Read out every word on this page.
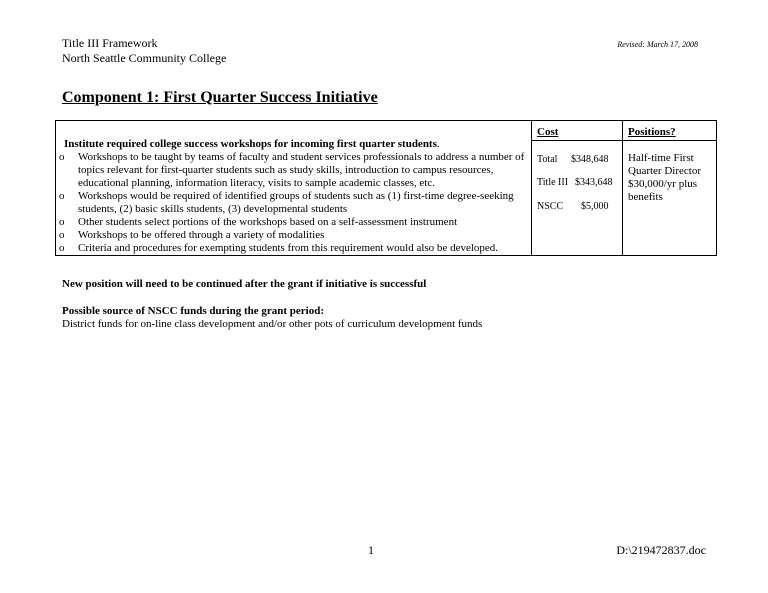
Title III Framework
North Seattle Community College
Revised: March 17, 2008
Component 1: First Quarter Success Initiative
Institute required college success workshops for incoming first quarter students.
o Workshops to be taught by teams of faculty and student services professionals to address a number of topics relevant for first-quarter students such as study skills, introduction to campus resources, educational planning, information literacy, visits to sample academic classes, etc.
o Workshops would be required of identified groups of students such as (1) first-time degree-seeking students, (2) basic skills students, (3) developmental students
o Other students select portions of the workshops based on a self-assessment instrument
o Workshops to be offered through a variety of modalities
o Criteria and procedures for exempting students from this requirement would also be developed.
Cost
Total $348,648
Title III $343,648
NSCC $5,000
Positions?
Half-time First Quarter Director $30,000/yr plus benefits
New position will need to be continued after the grant if initiative is successful
Possible source of NSCC funds during the grant period:
District funds for on-line class development and/or other pots of curriculum development funds
1	D:\219472837.doc
